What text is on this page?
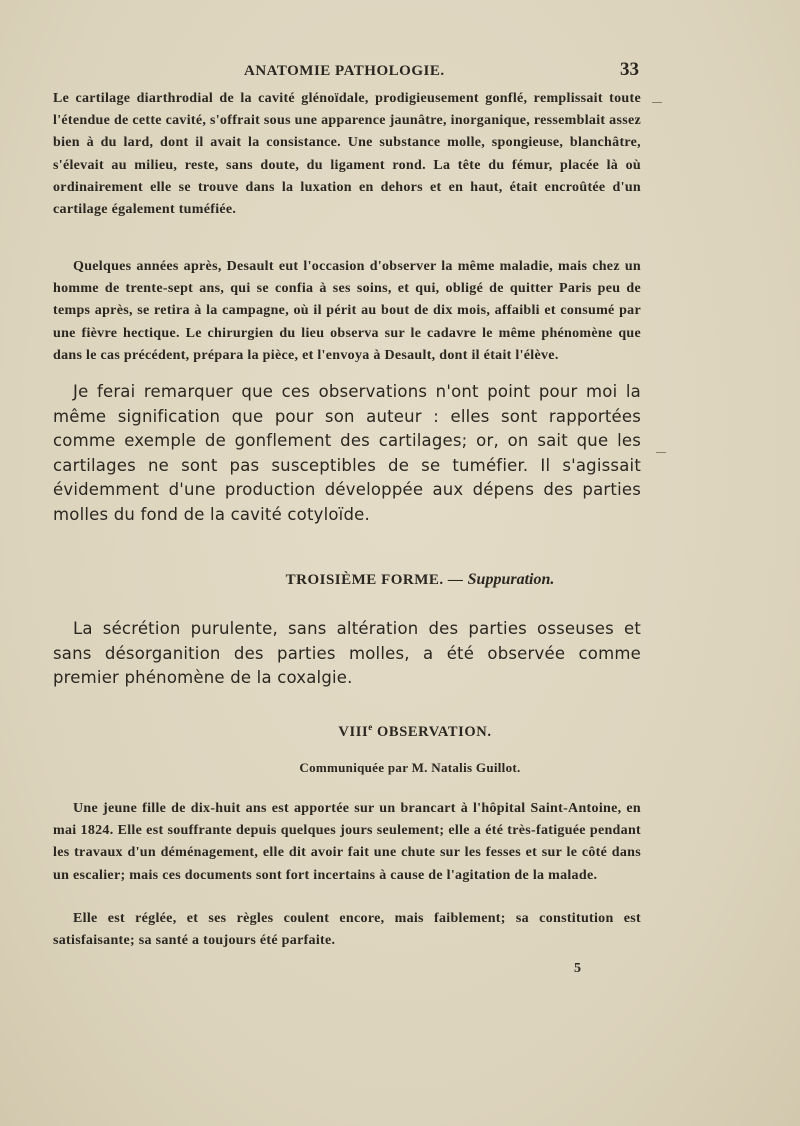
ANATOMIE PATHOLOGIE.	33

Le cartilage diarthrodial de la cavité glénoïdale, prodigieusement gonflé, remplissait toute l'étendue de cette cavité, s'offrait sous une apparence jaunâtre, inorganique, ressemblait assez bien à du lard, dont il avait la consistance. Une substance molle, spongieuse, blanchâtre, s'élevait au milieu, reste, sans doute, du ligament rond. La tête du fémur, placée là où ordinairement elle se trouve dans la luxation en dehors et en haut, était encroûtée d'un cartilage également tuméfiée.

Quelques années après, Desault eut l'occasion d'observer la même maladie, mais chez un homme de trente-sept ans, qui se confia à ses soins, et qui, obligé de quitter Paris peu de temps après, se retira à la campagne, où il périt au bout de dix mois, affaibli et consumé par une fièvre hectique. Le chirurgien du lieu observa sur le cadavre le même phénomène que dans le cas précédent, prépara la pièce, et l'envoya à Desault, dont il était l'élève.

Je ferai remarquer que ces observations n'ont point pour moi la même signification que pour son auteur : elles sont rapportées comme exemple de gonflement des cartilages; or, on sait que les cartilages ne sont pas susceptibles de se tuméfier. Il s'agissait évidemment d'une production développée aux dépens des parties molles du fond de la cavité cotyloïde.

TROISIÈME FORME. — Suppuration.

La sécrétion purulente, sans altération des parties osseuses et sans désorganition des parties molles, a été observée comme premier phénomène de la coxalgie.

VIIIe OBSERVATION.
Communiquée par M. Natalis Guillot.

Une jeune fille de dix-huit ans est apportée sur un brancart à l'hôpital Saint-Antoine, en mai 1824. Elle est souffrante depuis quelques jours seulement; elle a été très-fatiguée pendant les travaux d'un déménagement, elle dit avoir fait une chute sur les fesses et sur le côté dans un escalier; mais ces documents sont fort incertains à cause de l'agitation de la malade.

Elle est réglée, et ses règles coulent encore, mais faiblement; sa constitution est satisfaisante; sa santé a toujours été parfaite.

5
